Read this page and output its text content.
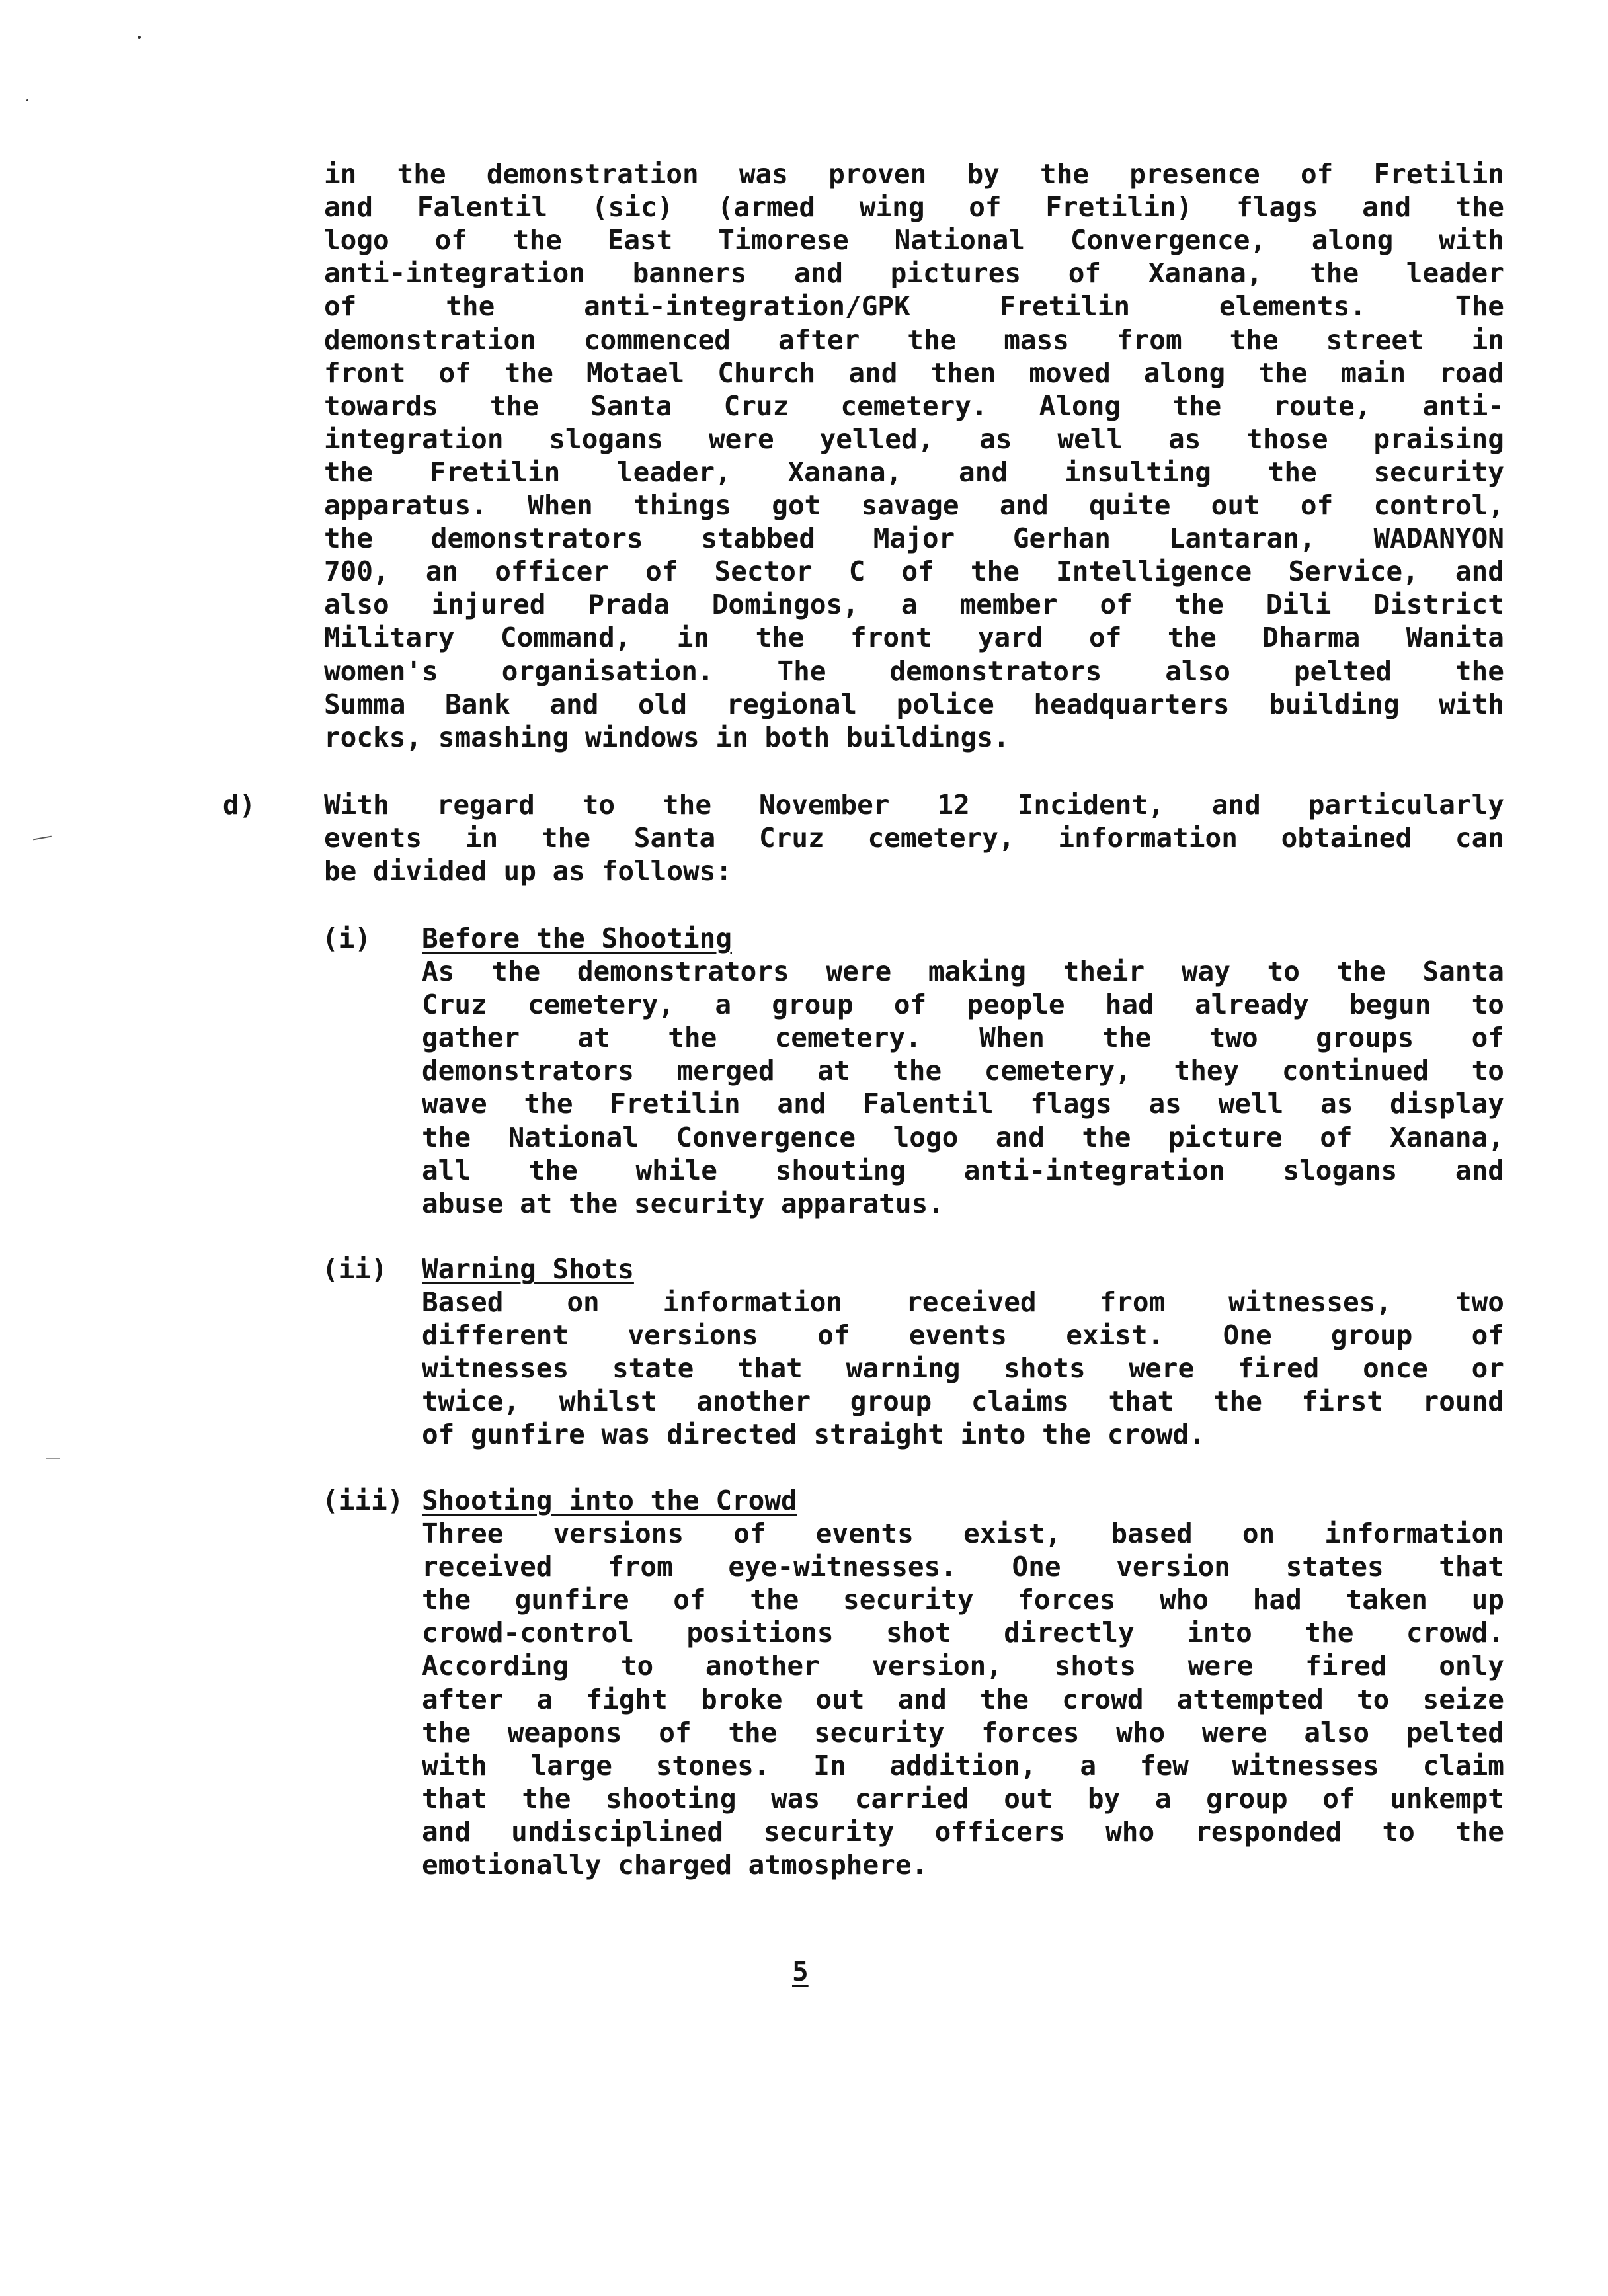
in the demonstration was proven by the presence of Fretilin
and Falentil (sic) (armed wing of Fretilin) flags and the
logo of the East Timorese National Convergence, along with
anti-integration banners and pictures of Xanana, the leader
of	the	anti-integration/GPK	Fretilin	elements.	The
demonstration commenced after the mass from the street in
front of the Motael Church and then moved along the main road
towards the Santa Cruz cemetery. Along the route, anti-
integration slogans were yelled, as well as those praising
the Fretilin leader, Xanana, and insulting the security
apparatus. When things got savage and quite out of control,
the demonstrators stabbed Major Gerhan Lantaran, WADANYON
700, an officer of Sector C of the Intelligence Service, and
also injured Prada Domingos, a member of the Dili District
Military Command, in the front yard of the Dharma Wanita
women's organisation. The demonstrators also pelted the
Summa Bank and old regional police headquarters building with
rocks, smashing windows in both buildings.
d)	With regard to the November 12 Incident, and particularly
events in the Santa Cruz cemetery, information obtained can
be divided up as follows:
(i) Before the Shooting
As the demonstrators were making their way to the Santa
Cruz cemetery, a group of people had already begun to
gather at the cemetery. When the two groups of
demonstrators merged at the cemetery, they continued to
wave the Fretilin and Falentil flags as well as display
the National Convergence logo and the picture of Xanana,
all the while shouting anti-integration slogans and
abuse at the security apparatus.
(ii) Warning Shots
Based on information received from witnesses, two
different versions of events exist. One group of
witnesses state that warning shots were fired once or
twice, whilst another group claims that the first round
of gunfire was directed straight into the crowd.
(iii) Shooting into the Crowd
Three versions of events exist, based on information
received from eye-witnesses. One version states that
the gunfire of the security forces who had taken up
crowd-control positions shot directly into the crowd.
According to another version, shots were fired only
after a fight broke out and the crowd attempted to seize
the weapons of the security forces who were also pelted
with large stones. In addition, a few witnesses claim
that the shooting was carried out by a group of unkempt
and undisciplined security officers who responded to the
emotionally charged atmosphere.
5
